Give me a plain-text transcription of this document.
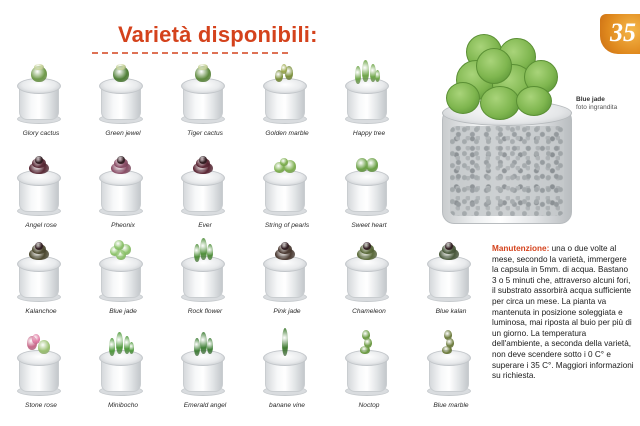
35
Varietà disponibili:
Glory cactus	Green jewel	Tiger cactus	Golden marble	Happy tree
Angel rose	Pheonix	Ever	String of pearls	Sweet heart
Kalanchoe	Blue jade	Rock flower	Pink jade	Chameleon	Blue kalan
Stone rose	Minibocho	Emerald angel	banane vine	Noctop	Blue marble
Blue jade
foto ingrandita
Manutenzione: una o due volte al mese, secondo la varietà, immergere la capsula in 5mm. di acqua. Bastano 3 o 5 minuti che, attraverso alcuni fori, il substrato assorbirà acqua sufficiente per circa un mese. La pianta va mantenuta in posizione soleggiata e luminosa, mai riposta al buio per più di un giorno. La temperatura dell'ambiente, a seconda della varietà, non deve scendere sotto i 0 C° e superare i 35 C°. Maggiori informazioni su richiesta.
